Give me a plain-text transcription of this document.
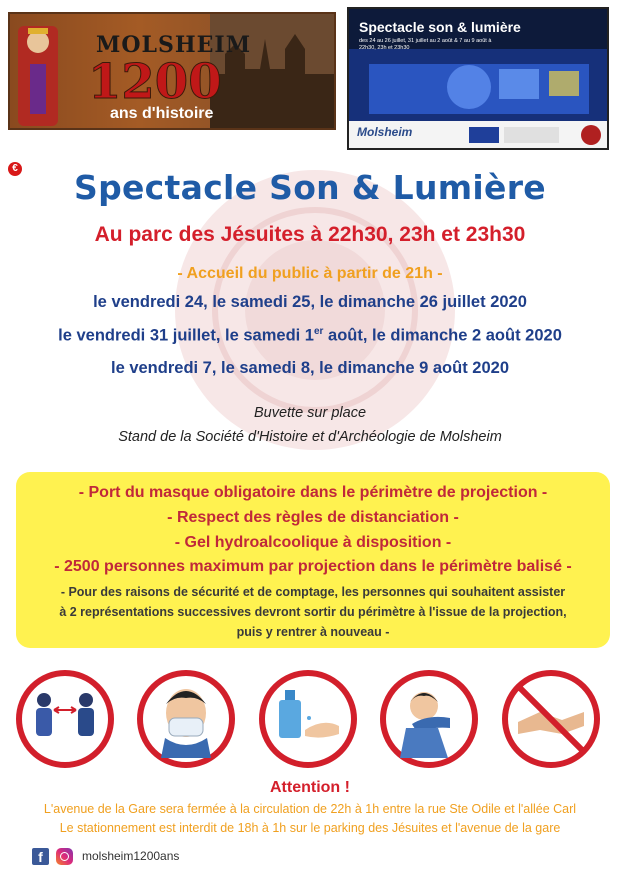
MOLSHEIM
1200
ans d'histoire
Spectacle son & lumière
des 24 au 26 juillet, 31 juillet au 2 août & 7 au 9 août à 22h30, 23h et 23h30
Molsheim
€	Spectacle Son & Lumière
Au parc des Jésuites à 22h30, 23h et 23h30
- Accueil du public à partir de 21h -
le vendredi 24, le samedi 25, le dimanche 26 juillet 2020
le vendredi 31 juillet, le samedi 1er août, le dimanche 2 août 2020
le vendredi 7, le samedi 8, le dimanche 9 août 2020
Buvette sur place
Stand de la Société d'Histoire et d'Archéologie de Molsheim
- Port du masque obligatoire dans le périmètre de projection -
- Respect des règles de distanciation -
- Gel hydroalcoolique à disposition -
- 2500 personnes maximum par projection dans le périmètre balisé -
- Pour des raisons de sécurité et de comptage, les personnes qui souhaitent assister
à 2 représentations successives devront sortir du périmètre à l'issue de la projection,
puis y rentrer à nouveau -
Attention !
L'avenue de la Gare sera fermée à la circulation de 22h à 1h entre la rue Ste Odile et l'allée Carl
Le stationnement est interdit de 18h à 1h sur le parking des Jésuites et l'avenue de la gare
f	molsheim1200ans
